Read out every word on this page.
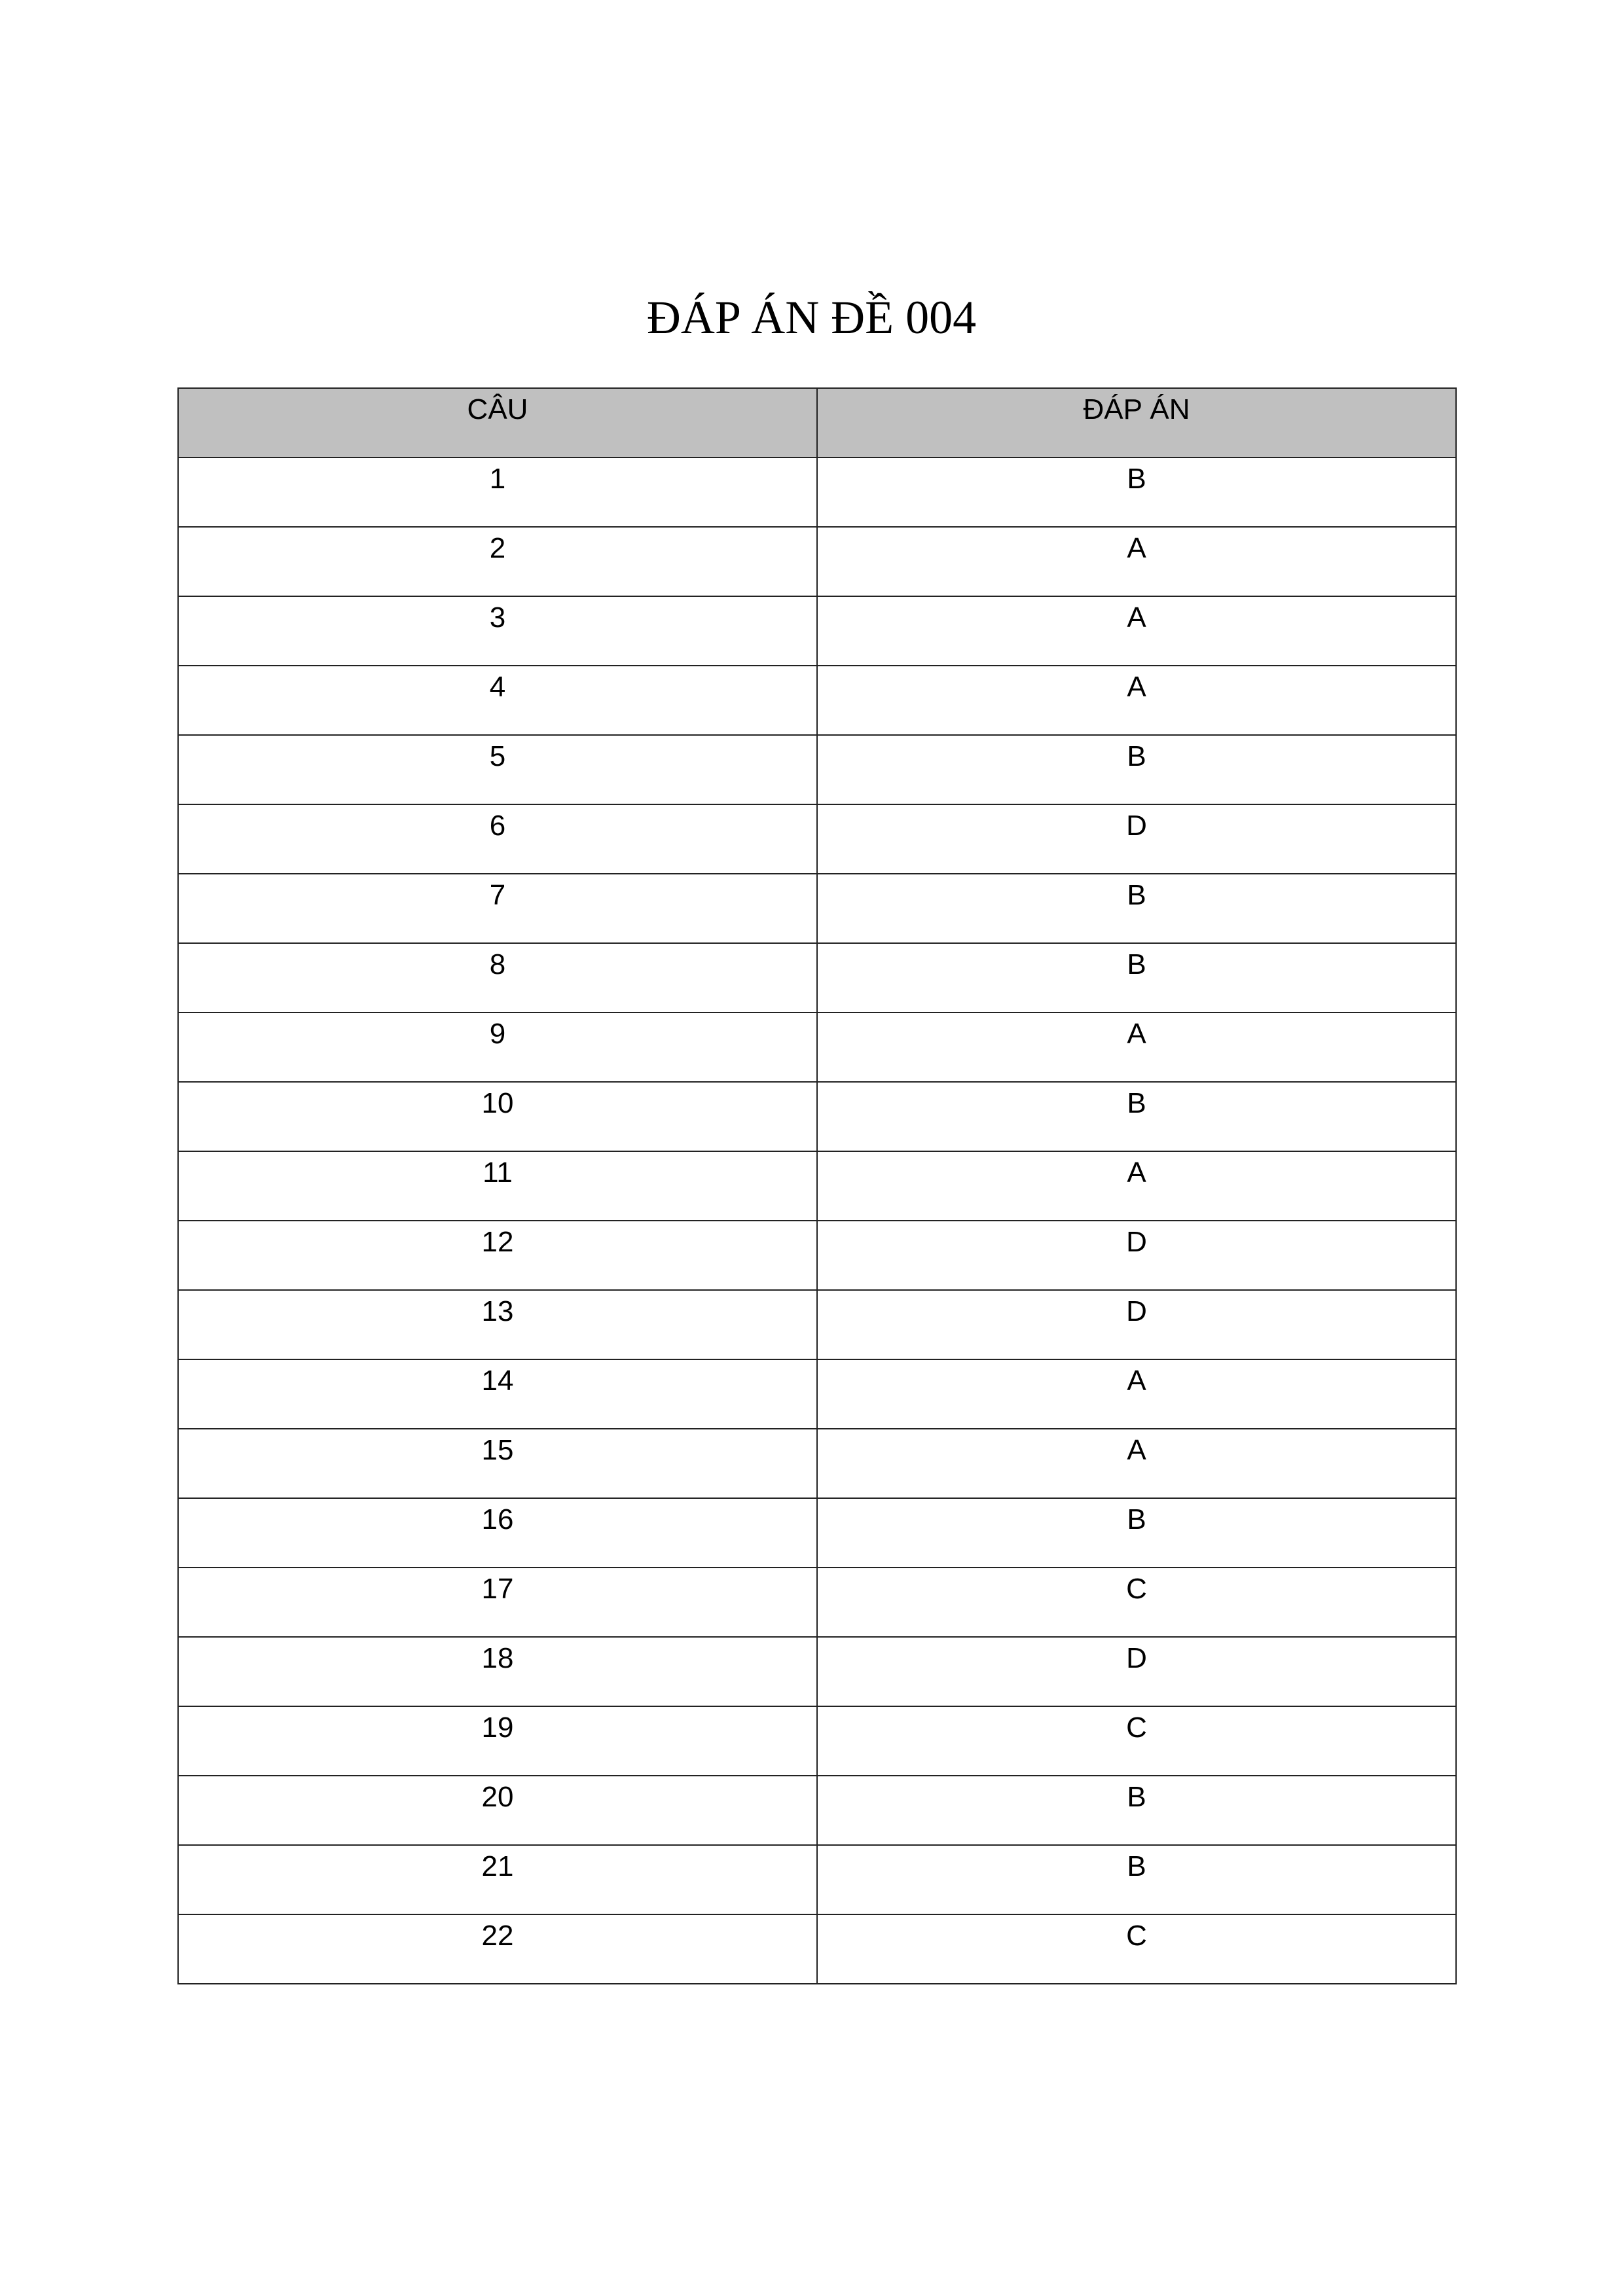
ĐÁP ÁN ĐỀ 004
CÂU	ĐÁP ÁN

1	B

2	A

3	A

4	A

5	B

6	D

7	B

8	B

9	A

10	B

11	A

12	D

13	D

14	A

15	A

16	B

17	C

18	D

19	C

20	B

21	B

22	C
